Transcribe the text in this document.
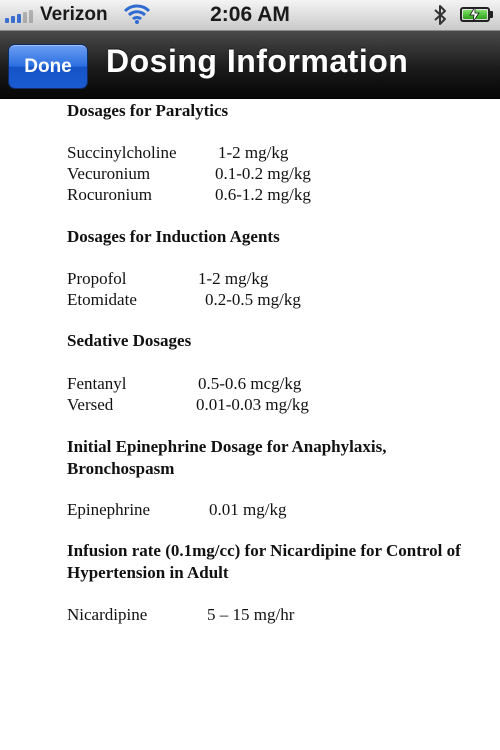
Verizon	2:06 AM
Done	Dosing Information
Dosages for Paralytics
Succinylcholine 1-2 mg/kg
Vecuronium	0.1-0.2 mg/kg
Rocuronium	0.6-1.2 mg/kg
Dosages for Induction Agents
Propofol	1-2 mg/kg
Etomidate	0.2-0.5 mg/kg
Sedative Dosages
Fentanyl	0.5-0.6 mcg/kg
Versed	0.01-0.03 mg/kg
Initial Epinephrine Dosage for Anaphylaxis, Bronchospasm
Epinephrine	0.01 mg/kg
Infusion rate (0.1mg/cc) for Nicardipine for Control of Hypertension in Adult
Nicardipine	5 – 15 mg/hr
